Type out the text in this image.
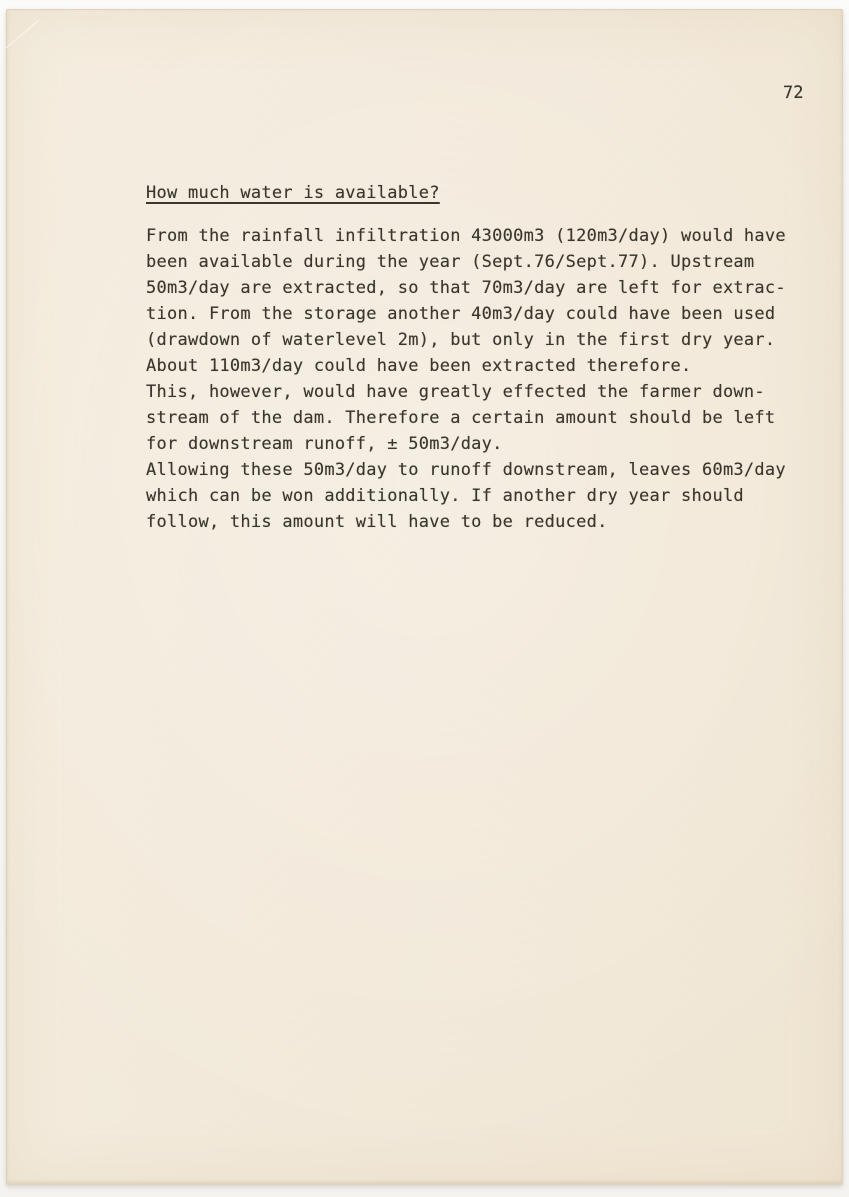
72
How much water is available?
From the rainfall infiltration 43000m3 (120m3/day) would have
been available during the year (Sept.76/Sept.77). Upstream
50m3/day are extracted, so that 70m3/day are left for extrac-
tion. From the storage another 40m3/day could have been used
(drawdown of waterlevel 2m), but only in the first dry year.
About 110m3/day could have been extracted therefore.
This, however, would have greatly effected the farmer down-
stream of the dam. Therefore a certain amount should be left
for downstream runoff, ± 50m3/day.
Allowing these 50m3/day to runoff downstream, leaves 60m3/day
which can be won additionally. If another dry year should
follow, this amount will have to be reduced.
